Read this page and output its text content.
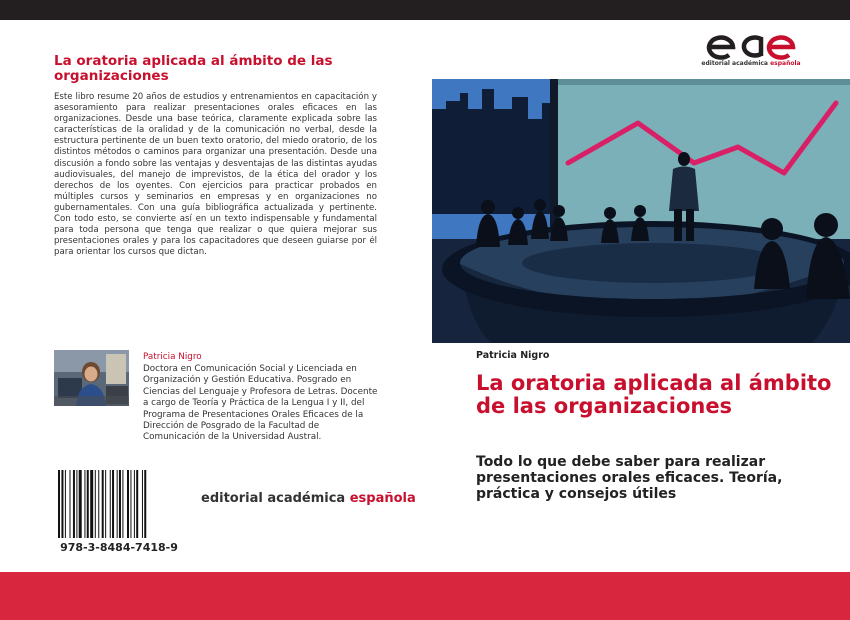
La oratoria aplicada al ámbito de las organizaciones
Este libro resume 20 años de estudios y entrenamientos en capacitación y asesoramiento para realizar presentaciones orales eficaces en las organizaciones. Desde una base teórica, claramente explicada sobre las características de la oralidad y de la comunicación no verbal, desde la estructura pertinente de un buen texto oratorio, del miedo oratorio, de los distintos métodos o caminos para organizar una presentación. Desde una discusión a fondo sobre las ventajas y desventajas de las distintas ayudas audiovisuales, del manejo de imprevistos, de la ética del orador y los derechos de los oyentes. Con ejercicios para practicar probados en múltiples cursos y seminarios en empresas y en organizaciones no gubernamentales. Con una guía bibliográfica actualizada y pertinente. Con todo esto, se convierte así en un texto indispensable y fundamental para toda persona que tenga que realizar o que quiera mejorar sus presentaciones orales y para los capacitadores que deseen guiarse por él para orientar los cursos que dictan.
Patricia Nigro
Doctora en Comunicación Social y Licenciada en Organización y Gestión Educativa. Posgrado en Ciencias del Lenguaje y Profesora de Letras. Docente a cargo de Teoría y Práctica de la Lengua I y II, del Programa de Presentaciones Orales Eficaces de la Dirección de Posgrado de la Facultad de Comunicación de la Universidad Austral.
978-3-8484-7418-9
editorial académica española
editorial académica española
Patricia Nigro
La oratoria aplicada al ámbito de las organizaciones
Todo lo que debe saber para realizar presentaciones orales eficaces. Teoría, práctica y consejos útiles
